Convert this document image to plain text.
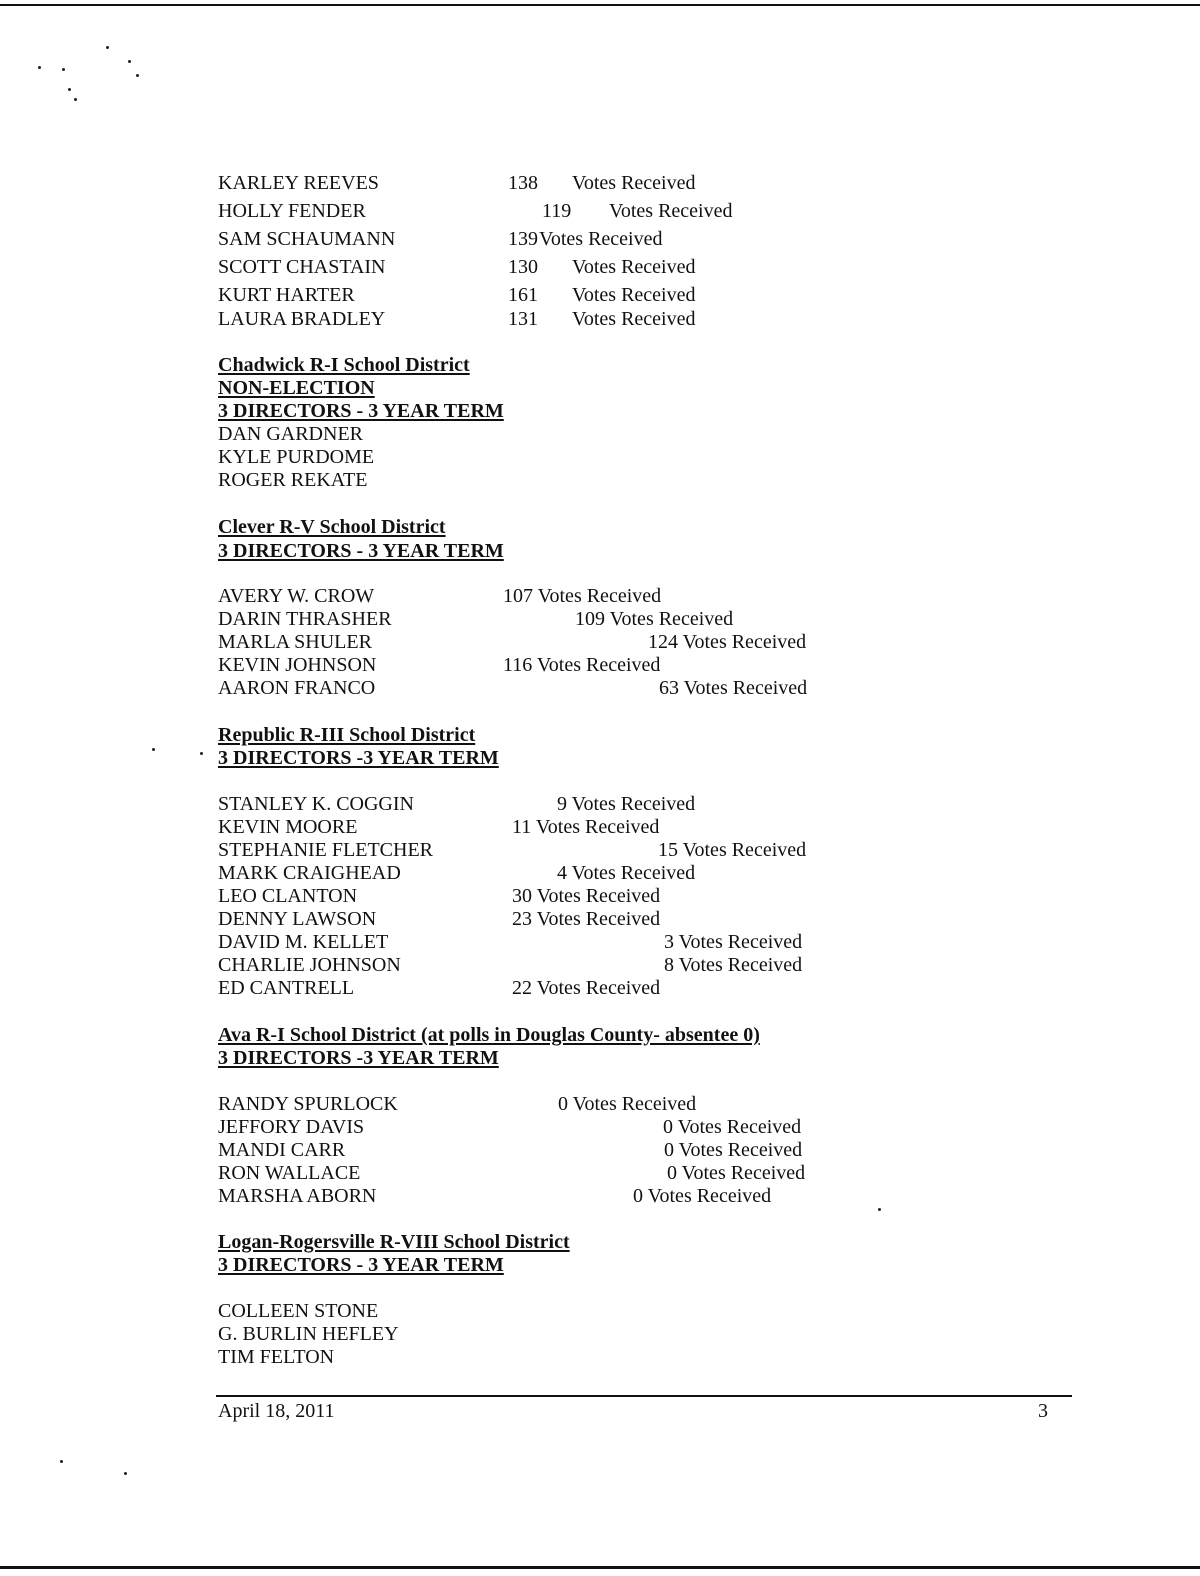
KARLEY REEVES	138 Votes Received
HOLLY FENDER	119 Votes Received
SAM SCHAUMANN	139 Votes Received
SCOTT CHASTAIN	130 Votes Received
KURT HARTER	161 Votes Received
LAURA BRADLEY	131 Votes Received
Chadwick R-I School District
NON-ELECTION
3 DIRECTORS - 3 YEAR TERM
DAN GARDNER
KYLE PURDOME
ROGER REKATE
Clever R-V School District
3 DIRECTORS - 3 YEAR TERM
AVERY W. CROW	107 Votes Received
DARIN THRASHER	109 Votes Received
MARLA SHULER	124 Votes Received
KEVIN JOHNSON	116 Votes Received
AARON FRANCO	63 Votes Received
Republic R-III School District
3 DIRECTORS -3 YEAR TERM
STANLEY K. COGGIN	9 Votes Received
KEVIN MOORE	11 Votes Received
STEPHANIE FLETCHER	15 Votes Received
MARK CRAIGHEAD	4 Votes Received
LEO CLANTON	30 Votes Received
DENNY LAWSON	23 Votes Received
DAVID M. KELLET	3 Votes Received
CHARLIE JOHNSON	8 Votes Received
ED CANTRELL	22 Votes Received
Ava R-I School District (at polls in Douglas County- absentee 0)
3 DIRECTORS -3 YEAR TERM
RANDY SPURLOCK	0 Votes Received
JEFFORY DAVIS	0 Votes Received
MANDI CARR	0 Votes Received
RON WALLACE	0 Votes Received
MARSHA ABORN	0 Votes Received
Logan-Rogersville R-VIII School District
3 DIRECTORS - 3 YEAR TERM
COLLEEN STONE
G. BURLIN HEFLEY
TIM FELTON
April 18, 2011	3
